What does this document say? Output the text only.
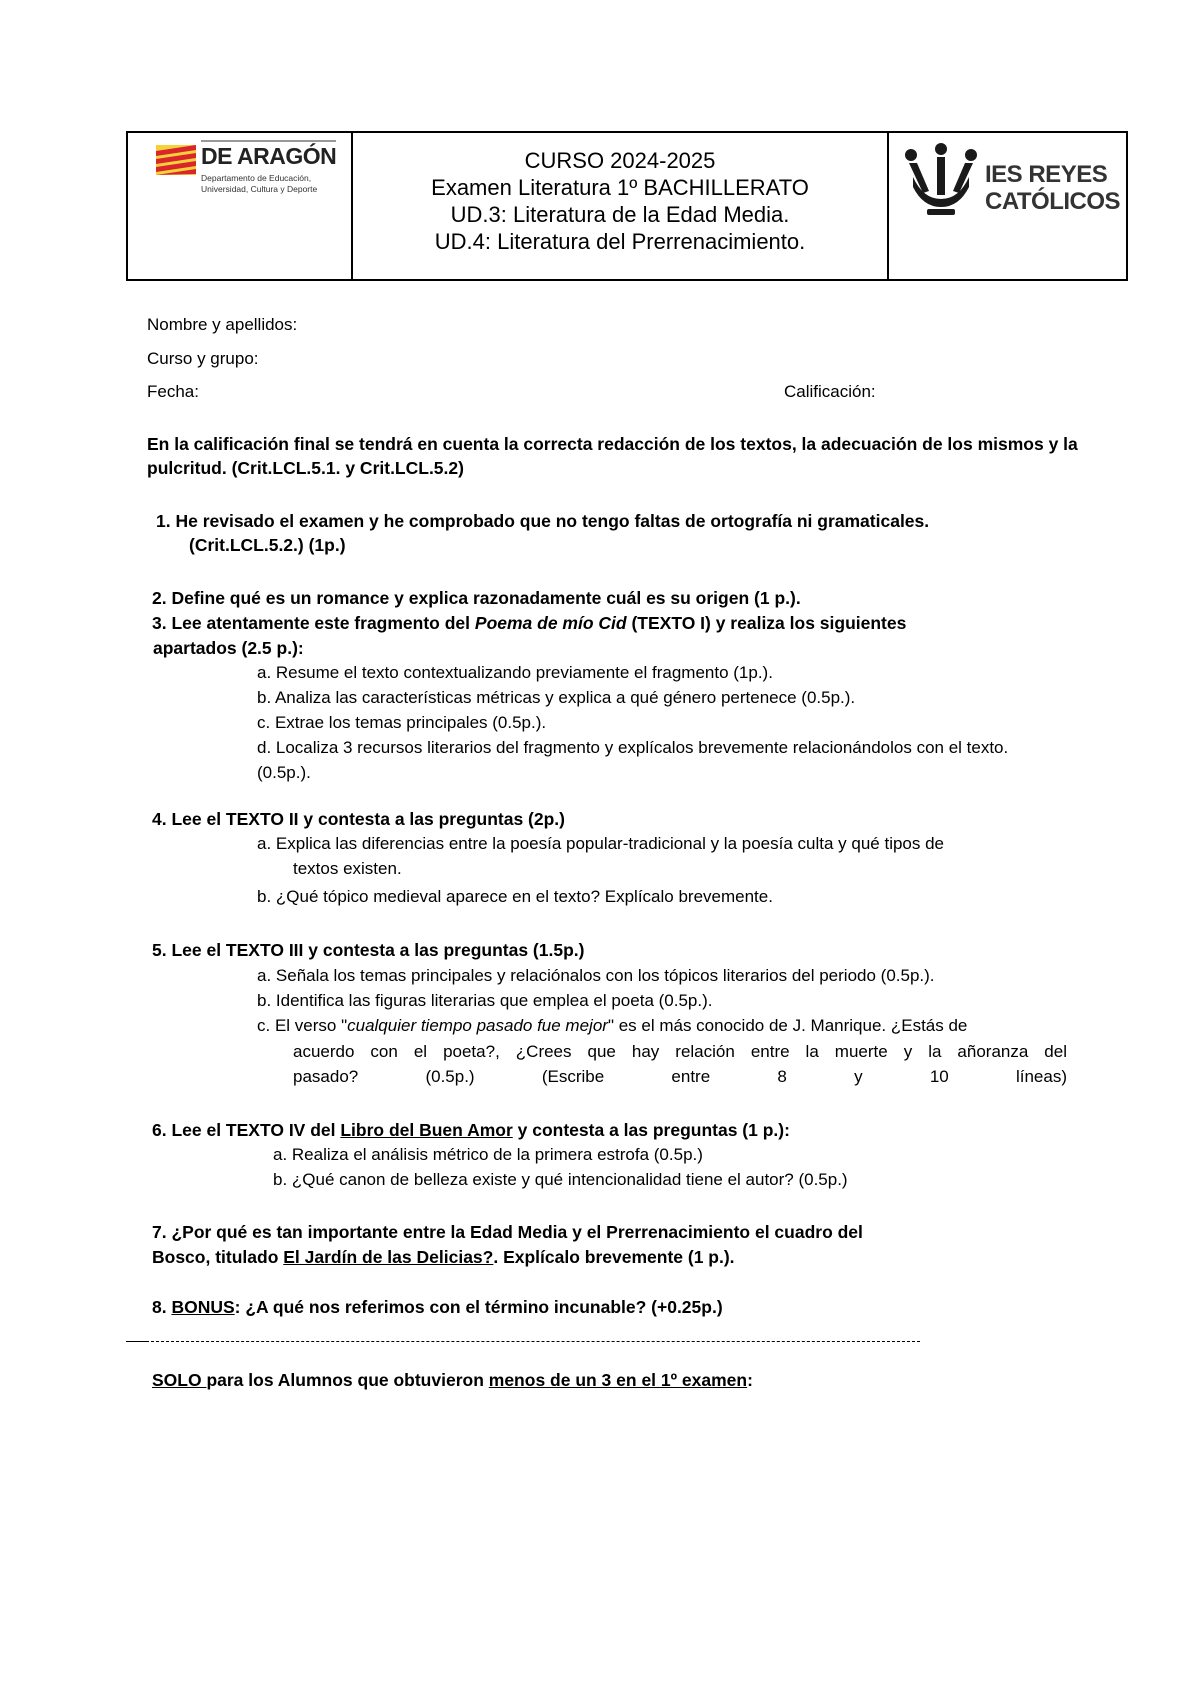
DE ARAGÓN
Departamento de Educación,
Universidad, Cultura y Deporte
CURSO 2024-2025
Examen Literatura 1º BACHILLERATO
UD.3: Literatura de la Edad Media.
UD.4: Literatura del Prerrenacimiento.
IES REYES
CATÓLICOS
Nombre y apellidos:
Curso y grupo:
Fecha:	Calificación:
En la calificación final se tendrá en cuenta la correcta redacción de los textos, la adecuación de los mismos y la pulcritud. (Crit.LCL.5.1. y Crit.LCL.5.2)
1. He revisado el examen y he comprobado que no tengo faltas de ortografía ni gramaticales.
(Crit.LCL.5.2.) (1p.)
2. Define qué es un romance y explica razonadamente cuál es su origen (1 p.).
3. Lee atentamente este fragmento del Poema de mío Cid (TEXTO I) y realiza los siguientes
apartados (2.5 p.):
a. Resume el texto contextualizando previamente el fragmento (1p.).
b. Analiza las características métricas y explica a qué género pertenece (0.5p.).
c. Extrae los temas principales (0.5p.).
d. Localiza 3 recursos literarios del fragmento y explícalos brevemente relacionándolos con el texto.
(0.5p.).
4. Lee el TEXTO II y contesta a las preguntas (2p.)
a. Explica las diferencias entre la poesía popular-tradicional y la poesía culta y qué tipos de
textos existen.
b. ¿Qué tópico medieval aparece en el texto? Explícalo brevemente.
5. Lee el TEXTO III y contesta a las preguntas (1.5p.)
a. Señala los temas principales y relaciónalos con los tópicos literarios del periodo (0.5p.).
b. Identifica las figuras literarias que emplea el poeta (0.5p.).
c. El verso "cualquier tiempo pasado fue mejor" es el más conocido de J. Manrique. ¿Estás de
acuerdo con el poeta?, ¿Crees que hay relación entre la muerte y la añoranza del
pasado? (0.5p.) (Escribe entre 8 y 10 líneas)
6. Lee el TEXTO IV del Libro del Buen Amor y contesta a las preguntas (1 p.):
a. Realiza el análisis métrico de la primera estrofa (0.5p.)
b. ¿Qué canon de belleza existe y qué intencionalidad tiene el autor? (0.5p.)
7. ¿Por qué es tan importante entre la Edad Media y el Prerrenacimiento el cuadro del
Bosco, titulado El Jardín de las Delicias?. Explícalo brevemente (1 p.).
8. BONUS: ¿A qué nos referimos con el término incunable? (+0.25p.)
SOLO para los Alumnos que obtuvieron menos de un 3 en el 1º examen:
